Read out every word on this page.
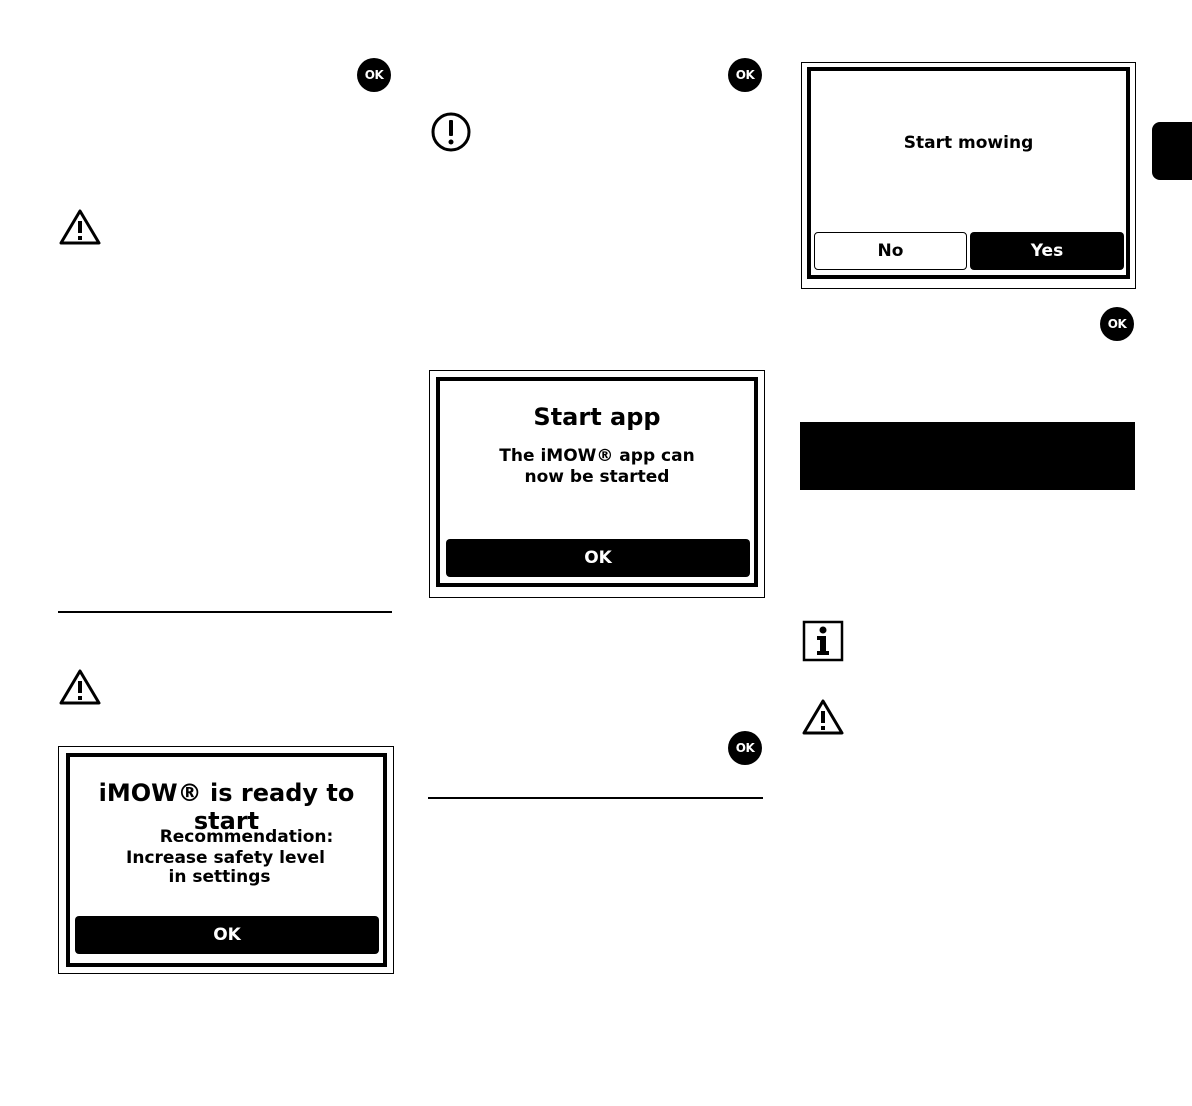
OK
iMOW® is ready to start
Recommendation:
Increase safety level
in settings
OK
OK
Start app
The iMOW® app can
now be started
OK
OK
Start mowing
No	Yes
OK
